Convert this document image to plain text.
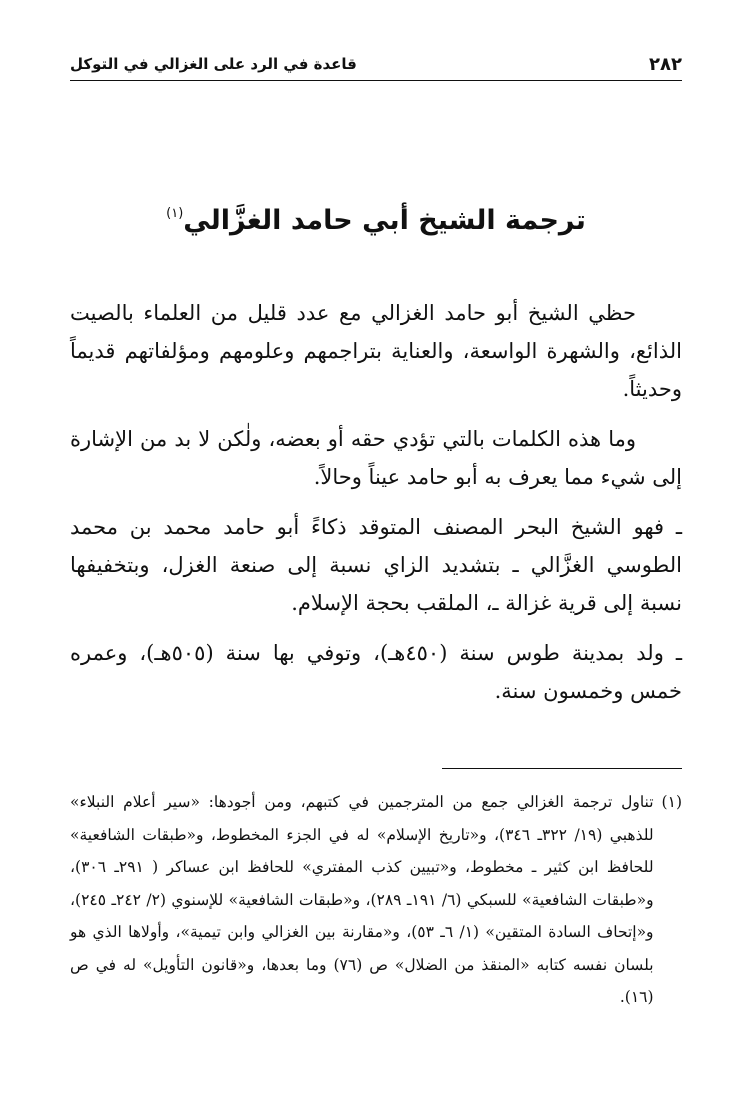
٢٨٢
قاعدة في الرد على الغزالي في التوكل
ترجمة الشيخ أبي حامد الغزَّالي$^{(١)}$

حظي الشيخ أبو حامد الغزالي مع عدد قليل من العلماء بالصيت الذائع، والشهرة الواسعة، والعناية بتراجمهم وعلومهم ومؤلفاتهم قديماً وحديثاً.

وما هذه الكلمات بالتي تؤدي حقه أو بعضه، ولٰكن لا بد من الإشارة إلى شيء مما يعرف به أبو حامد عيناً وحالاً.

ـ فهو الشيخ البحر المصنف المتوقد ذكاءً أبو حامد محمد بن محمد الطوسي الغزَّالي ـ بتشديد الزاي نسبة إلى صنعة الغزل، وبتخفيفها نسبة إلى قرية غزالة ـ، الملقب بحجة الإسلام.

ـ ولد بمدينة طوس سنة (٤٥٠هـ)، وتوفي بها سنة (٥٠٥هـ)، وعمره خمس وخمسون سنة.

(١)
تناول ترجمة الغزالي جمع من المترجمين في كتبهم، ومن أجودها: «سير أعلام النبلاء» للذهبي (١٩/ ٣٢٢ـ ٣٤٦)، و«تاريخ الإسلام» له في الجزء المخطوط، و«طبقات الشافعية» للحافظ ابن كثير ـ مخطوط، و«تبيين كذب المفتري» للحافظ ابن عساكر ( ٢٩١ـ ٣٠٦)، و«طبقات الشافعية» للسبكي (٦/ ١٩١ـ ٢٨٩)، و«طبقات الشافعية» للإسنوي (٢/ ٢٤٢ـ ٢٤٥)، و«إتحاف السادة المتقين» (١/ ٦ـ ٥٣)، و«مقارنة بين الغزالي وابن تيمية»، وأولاها الذي هو بلسان نفسه كتابه «المنقذ من الضلال» ص (٧٦) وما بعدها، و«قانون التأويل» له في ص (١٦).
